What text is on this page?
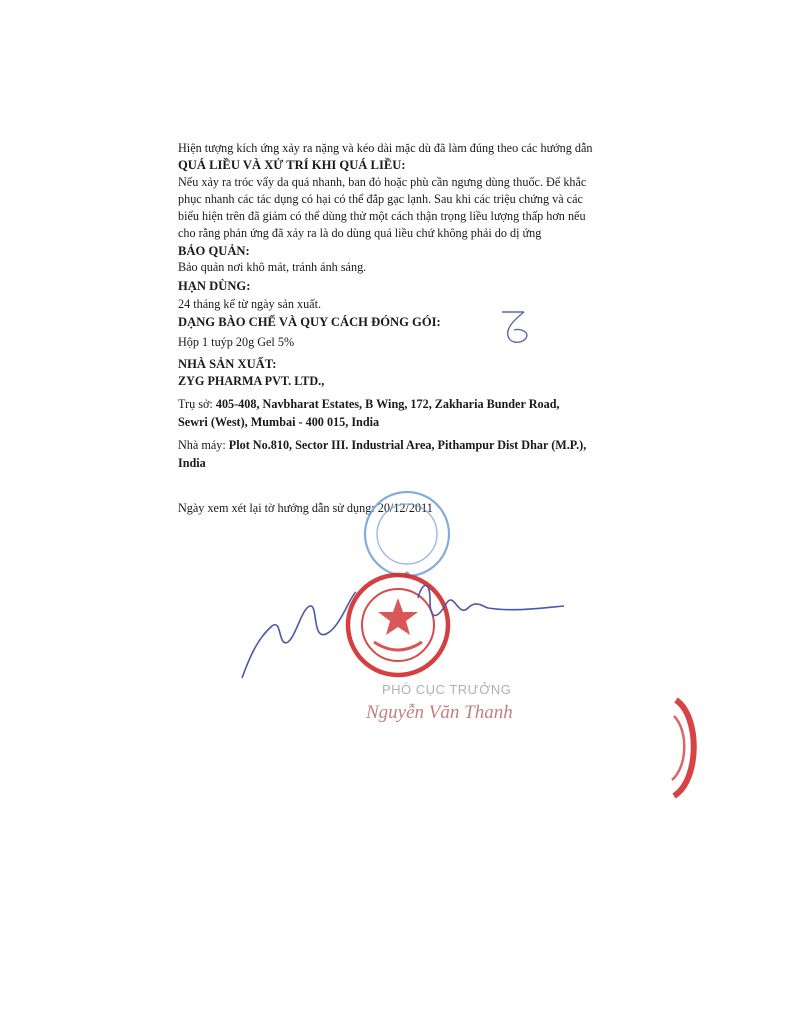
Hiện tượng kích ứng xảy ra nặng và kéo dài mặc dù đã làm đúng theo các hướng dẫn
QUÁ LIỀU VÀ XỬ TRÍ KHI QUÁ LIỀU:
Nếu xảy ra tróc vẩy da quá nhanh, ban đỏ hoặc phù cần ngưng dùng thuốc. Để khắc
phục nhanh các tác dụng có hại có thể đắp gạc lạnh. Sau khi các triệu chứng và các
biểu hiện trên đã giảm có thể dùng thử một cách thận trọng liều lượng thấp hơn nếu
cho rằng phản ứng đã xảy ra là do dùng quá liều chứ không phải do dị ứng
BẢO QUẢN:
Bảo quản nơi khô mát, tránh ánh sáng.
HẠN DÙNG:
24 tháng kể từ ngày sản xuất.
DẠNG BÀO CHẾ VÀ QUY CÁCH ĐÓNG GÓI:
Hộp 1 tuýp 20g Gel 5%
NHÀ SẢN XUẤT:
ZYG PHARMA PVT. LTD.,
Trụ sở: 405-408, Navbharat Estates, B Wing, 172, Zakharia Bunder Road,
Sewri (West), Mumbai - 400 015, India
Nhà máy: Plot No.810, Sector III. Industrial Area, Pithampur Dist Dhar (M.P.),
India
Ngày xem xét lại tờ hướng dẫn sử dụng: 20/12/2011
PHÓ CỤC TRƯỞNG
Nguyễn Văn Thanh
